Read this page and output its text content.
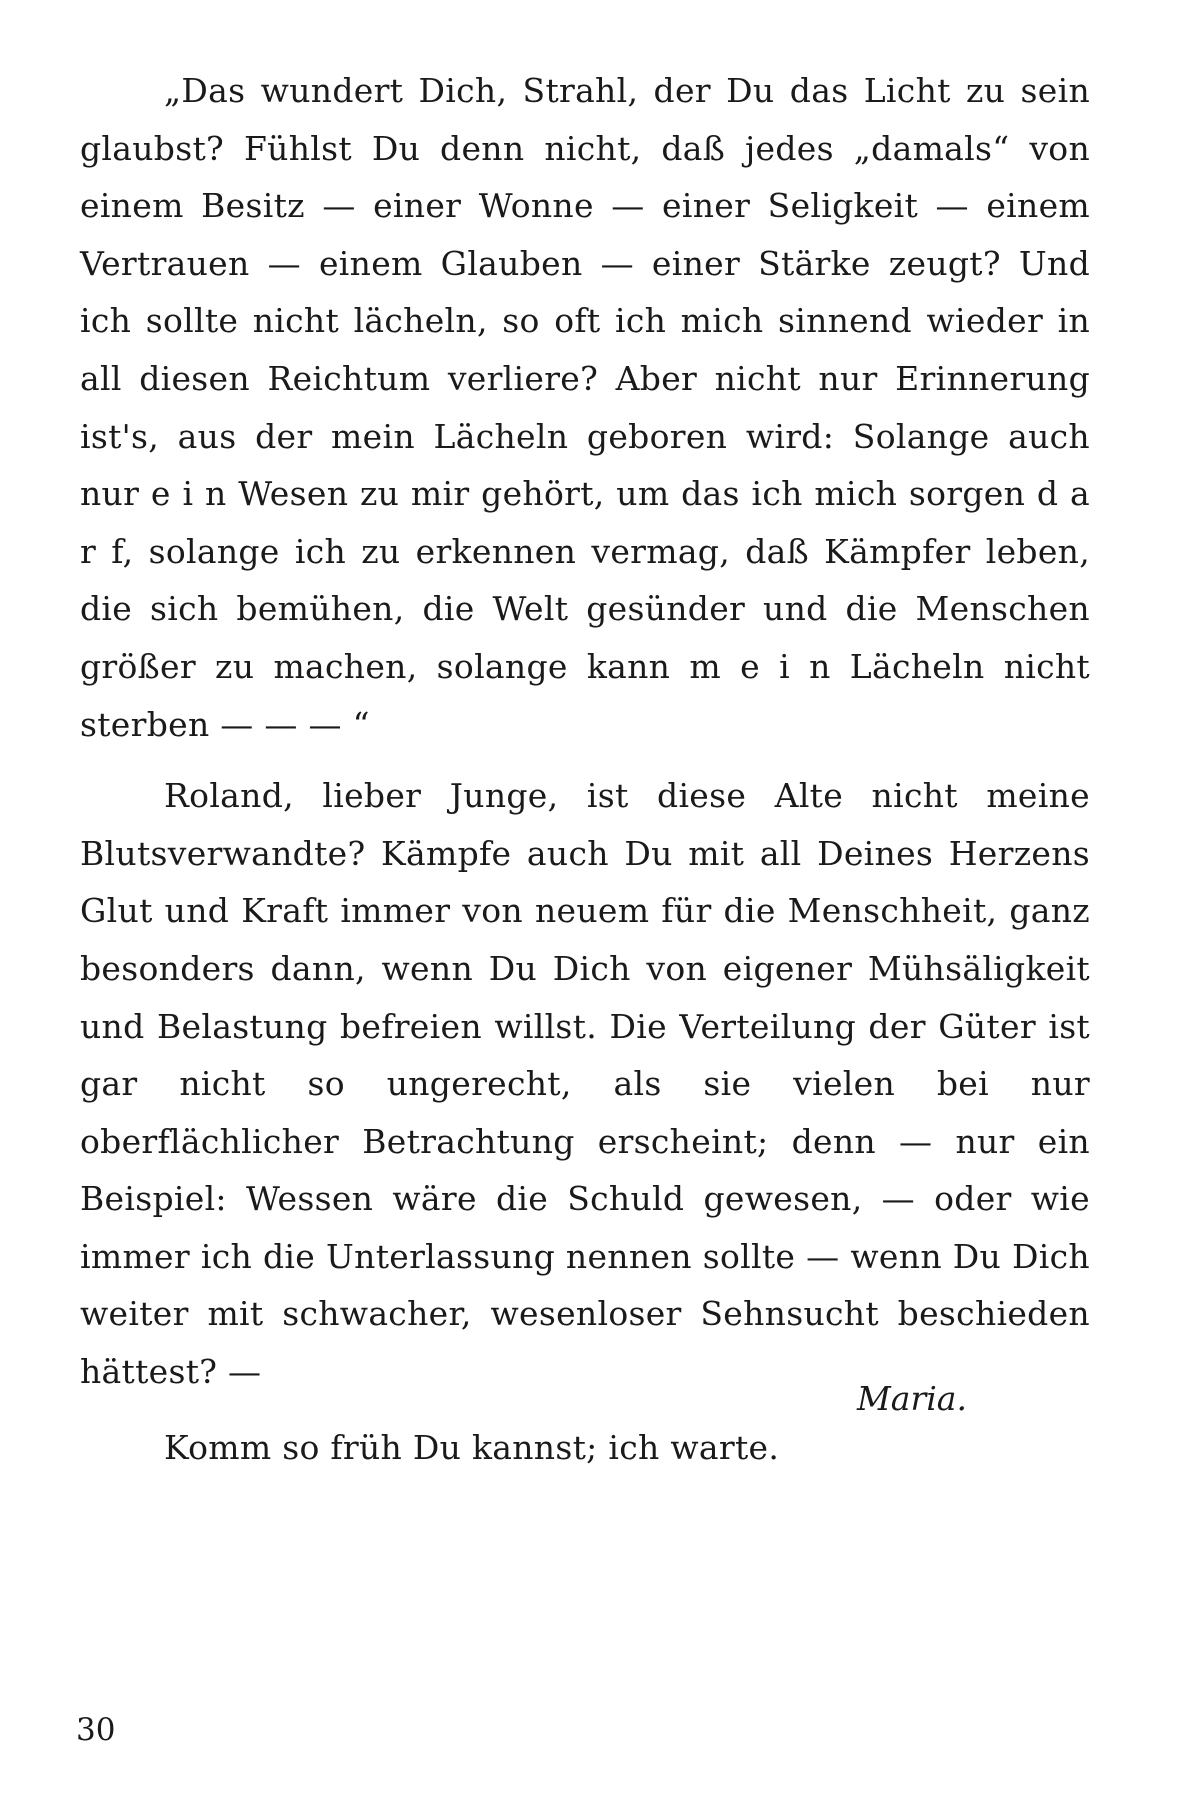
„Das wundert Dich, Strahl, der Du das Licht zu sein glaubst? Fühlst Du denn nicht, daß jedes „damals“ von einem Besitz — einer Wonne — einer Seligkeit — einem Vertrauen — einem Glauben — einer Stärke zeugt? Und ich sollte nicht lächeln, so oft ich mich sinnend wieder in all diesen Reichtum verliere? Aber nicht nur Erinnerung ist's, aus der mein Lächeln geboren wird: Solange auch nur e i n Wesen zu mir gehört, um das ich mich sorgen d a r f, solange ich zu erkennen vermag, daß Kämpfer leben, die sich bemühen, die Welt gesünder und die Menschen größer zu machen, solange kann m e i n Lächeln nicht sterben — — — “

Roland, lieber Junge, ist diese Alte nicht meine Blutsverwandte? Kämpfe auch Du mit all Deines Herzens Glut und Kraft immer von neuem für die Menschheit, ganz besonders dann, wenn Du Dich von eigener Mühsäligkeit und Belastung befreien willst. Die Verteilung der Güter ist gar nicht so ungerecht, als sie vielen bei nur oberflächlicher Betrachtung erscheint; denn — nur ein Beispiel: Wessen wäre die Schuld gewesen, — oder wie immer ich die Unterlassung nennen sollte — wenn Du Dich weiter mit schwacher, wesenloser Sehnsucht beschieden hättest? —

Komm so früh Du kannst; ich warte.

Maria.
30
